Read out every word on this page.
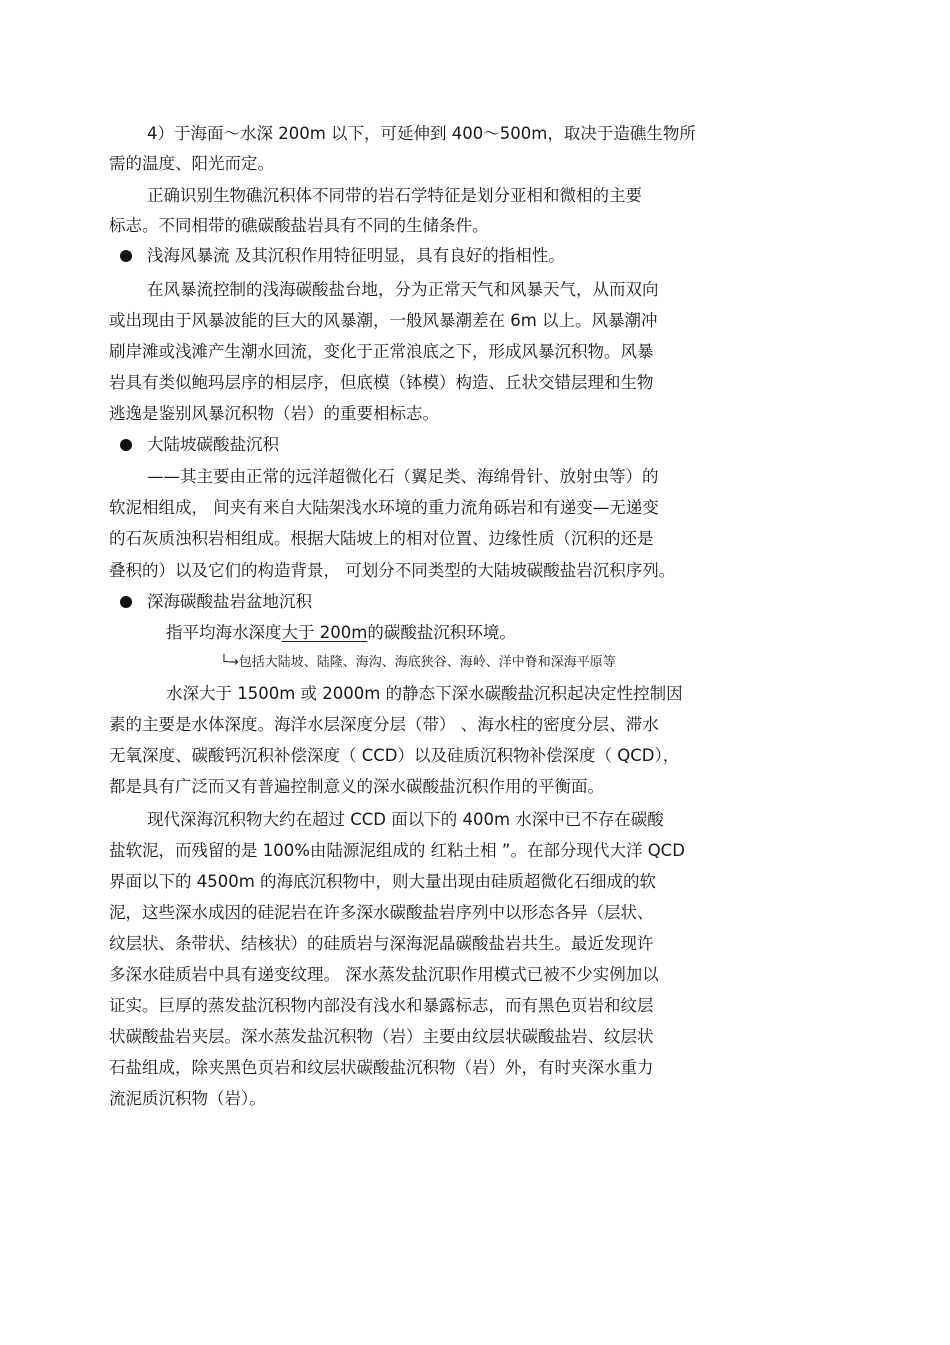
4）于海面～水深 200m 以下，可延伸到 400～500m，取决于造礁生物所
需的温度、阳光而定。
正确识别生物礁沉积体不同带的岩石学特征是划分亚相和微相的主要
标志。不同相带的礁碳酸盐岩具有不同的生储条件。
浅海风暴流 及其沉积作用特征明显，具有良好的指相性。
在风暴流控制的浅海碳酸盐台地，分为正常天气和风暴天气，从而双向
或出现由于风暴波能的巨大的风暴潮，一般风暴潮差在 6m 以上。风暴潮冲
刷岸滩或浅滩产生潮水回流，变化于正常浪底之下，形成风暴沉积物。风暴
岩具有类似鲍玛层序的相层序，但底模（钵模）构造、丘状交错层理和生物
逃逸是鉴别风暴沉积物（岩）的重要相标志。
大陆坡碳酸盐沉积
——其主要由正常的远洋超微化石（翼足类、海绵骨针、放射虫等）的
软泥相组成， 间夹有来自大陆架浅水环境的重力流角砾岩和有递变—无递变
的石灰质浊积岩相组成。根据大陆坡上的相对位置、边缘性质（沉积的还是
叠积的）以及它们的构造背景， 可划分不同类型的大陆坡碳酸盐岩沉积序列。
深海碳酸盐岩盆地沉积
指平均海水深度大于 200m的碳酸盐沉积环境。
└→包括大陆坡、陆隆、海沟、海底狭谷、海岭、洋中脊和深海平原等
水深大于 1500m 或 2000m 的静态下深水碳酸盐沉积起决定性控制因
素的主要是水体深度。海洋水层深度分层（带） 、海水柱的密度分层、滞水
无氧深度、碳酸钙沉积补偿深度（ CCD）以及硅质沉积物补偿深度（ QCD），
都是具有广泛而又有普遍控制意义的深水碳酸盐沉积作用的平衡面。
现代深海沉积物大约在超过 CCD 面以下的 400m 水深中已不存在碳酸
盐软泥，而残留的是 100%由陆源泥组成的 红粘土相 ”。在部分现代大洋 QCD
界面以下的 4500m 的海底沉积物中，则大量出现由硅质超微化石细成的软
泥，这些深水成因的硅泥岩在许多深水碳酸盐岩序列中以形态各异（层状、
纹层状、条带状、结核状）的硅质岩与深海泥晶碳酸盐岩共生。最近发现许
多深水硅质岩中具有递变纹理。 深水蒸发盐沉职作用模式已被不少实例加以
证实。巨厚的蒸发盐沉积物内部没有浅水和暴露标志，而有黑色页岩和纹层
状碳酸盐岩夹层。深水蒸发盐沉积物（岩）主要由纹层状碳酸盐岩、纹层状
石盐组成，除夹黑色页岩和纹层状碳酸盐沉积物（岩）外，有时夹深水重力
流泥质沉积物（岩）。
